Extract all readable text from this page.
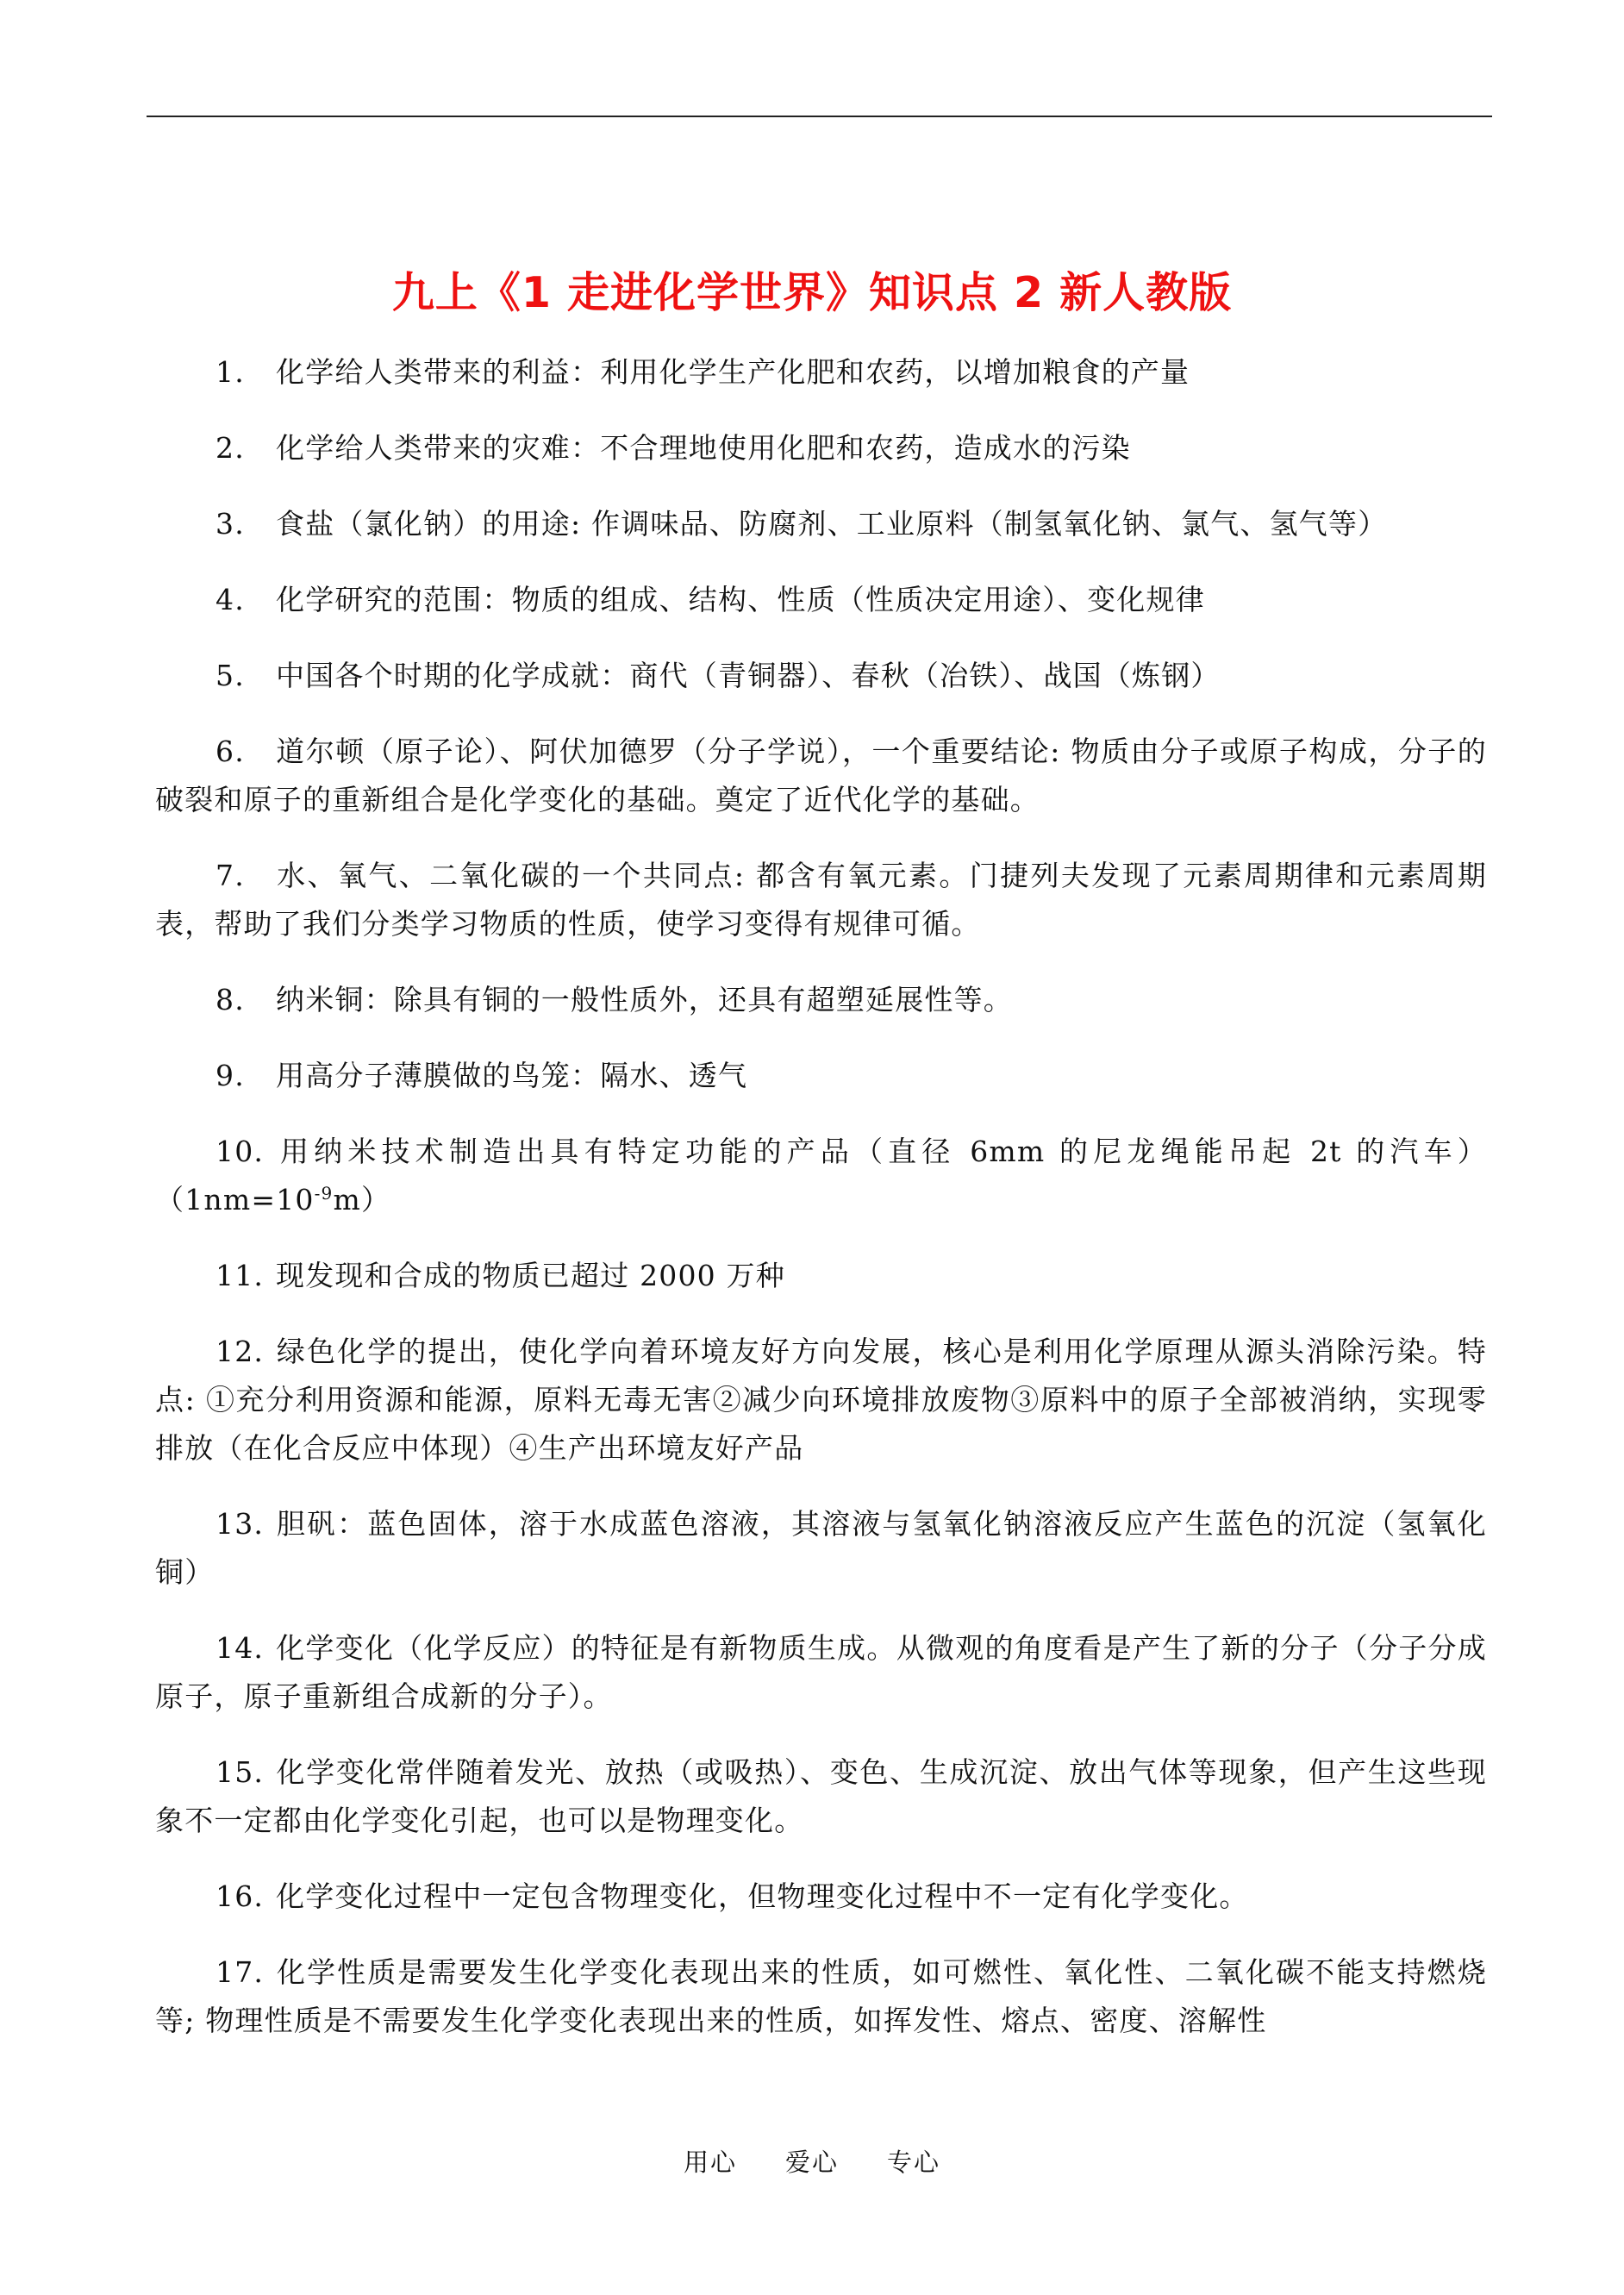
九上《1 走进化学世界》知识点 2 新人教版

1. 化学给人类带来的利益：利用化学生产化肥和农药，以增加粮食的产量

2. 化学给人类带来的灾难：不合理地使用化肥和农药，造成水的污染

3. 食盐（氯化钠）的用途: 作调味品、防腐剂、工业原料（制氢氧化钠、氯气、氢气等）

4. 化学研究的范围：物质的组成、结构、性质（性质决定用途）、变化规律

5. 中国各个时期的化学成就：商代（青铜器）、春秋（冶铁）、战国（炼钢）

6. 道尔顿（原子论）、阿伏加德罗（分子学说），一个重要结论: 物质由分子或原子构成，分子的破裂和原子的重新组合是化学变化的基础。奠定了近代化学的基础。

7. 水、氧气、二氧化碳的一个共同点: 都含有氧元素。门捷列夫发现了元素周期律和元素周期表，帮助了我们分类学习物质的性质，使学习变得有规律可循。

8. 纳米铜：除具有铜的一般性质外，还具有超塑延展性等。

9. 用高分子薄膜做的鸟笼：隔水、透气

10. 用纳米技术制造出具有特定功能的产品（直径 6mm 的尼龙绳能吊起 2t 的汽车）$(1nm=10^{-9}m)$

11. 现发现和合成的物质已超过 2000 万种

12. 绿色化学的提出，使化学向着环境友好方向发展，核心是利用化学原理从源头消除污染。特点: ①充分利用资源和能源，原料无毒无害②减少向环境排放废物③原料中的原子全部被消纳，实现零排放（在化合反应中体现）④生产出环境友好产品

13. 胆矾：蓝色固体，溶于水成蓝色溶液，其溶液与氢氧化钠溶液反应产生蓝色的沉淀（氢氧化铜）

14. 化学变化（化学反应）的特征是有新物质生成。从微观的角度看是产生了新的分子（分子分成原子，原子重新组合成新的分子）。

15. 化学变化常伴随着发光、放热（或吸热）、变色、生成沉淀、放出气体等现象，但产生这些现象不一定都由化学变化引起，也可以是物理变化。

16. 化学变化过程中一定包含物理变化，但物理变化过程中不一定有化学变化。

17. 化学性质是需要发生化学变化表现出来的性质，如可燃性、氧化性、二氧化碳不能支持燃烧等; 物理性质是不需要发生化学变化表现出来的性质，如挥发性、熔点、密度、溶解性

用心 爱心 专心
